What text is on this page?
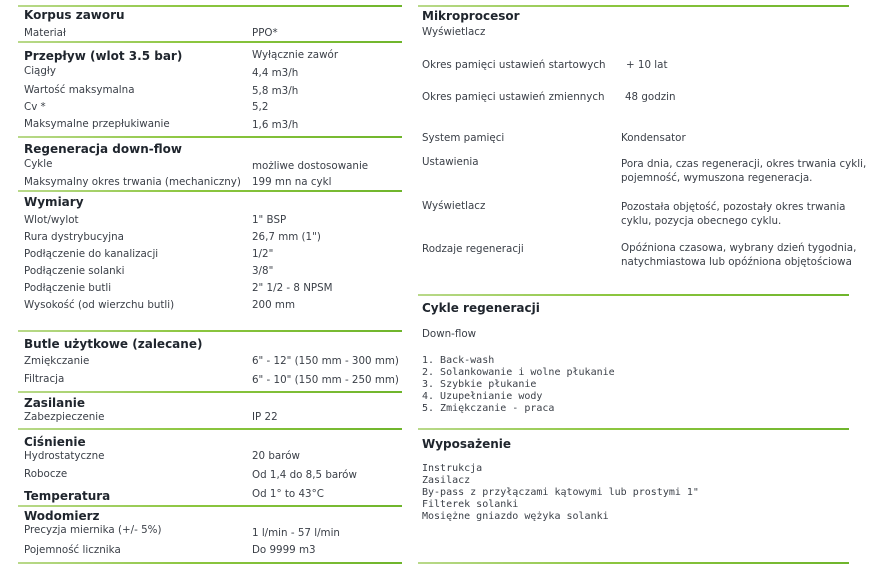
Korpus zaworu
Materiał	PPO*
Przepływ (wlot 3.5 bar)	Wyłącznie zawór
Ciągły	4,4 m3/h
Wartość maksymalna	5,8 m3/h
Cv *	5,2
Maksymalne przepłukiwanie	1,6 m3/h
Regeneracja down-flow
Cykle	możliwe dostosowanie
Maksymalny okres trwania (mechaniczny) 199 mn na cykl
Wymiary
Wlot/wylot	1" BSP
Rura dystrybucyjna	26,7 mm (1")
Podłączenie do kanalizacji	1/2"
Podłączenie solanki	3/8"
Podłączenie butli	2" 1/2 - 8 NPSM
Wysokość (od wierzchu butli)	200 mm
Butle użytkowe (zalecane)
Zmiękczanie	6" - 12" (150 mm - 300 mm)
Filtracja	6" - 10" (150 mm - 250 mm)
Zasilanie
Zabezpieczenie	IP 22
Ciśnienie
Hydrostatyczne	20 barów
Robocze	Od 1,4 do 8,5 barów
Temperatura	Od 1° to 43°C
Wodomierz
Precyzja miernika (+/- 5%)	1 l/min - 57 l/min
Pojemność licznika	Do 9999 m3
Mikroprocesor
Wyświetlacz
Okres pamięci ustawień startowych + 10 lat
Okres pamięci ustawień zmiennych 48 godzin
System pamięci	Kondensator
Ustawienia	Pora dnia, czas regeneracji, okres trwania cykli, pojemność, wymuszona regeneracja.
Wyświetlacz	Pozostała objętość, pozostały okres trwania cyklu, pozycja obecnego cyklu.
Rodzaje regeneracji	Opóźniona czasowa, wybrany dzień tygodnia, natychmiastowa lub opóźniona objętościowa
Cykle regeneracji
Down-flow
1. Back-wash
2. Solankowanie i wolne płukanie
3. Szybkie płukanie
4. Uzupełnianie wody
5. Zmiękczanie - praca
Wyposażenie
Instrukcja
Zasilacz
By-pass z przyłączami kątowymi lub prostymi 1"
Filterek solanki
Mosiężne gniazdo wężyka solanki
